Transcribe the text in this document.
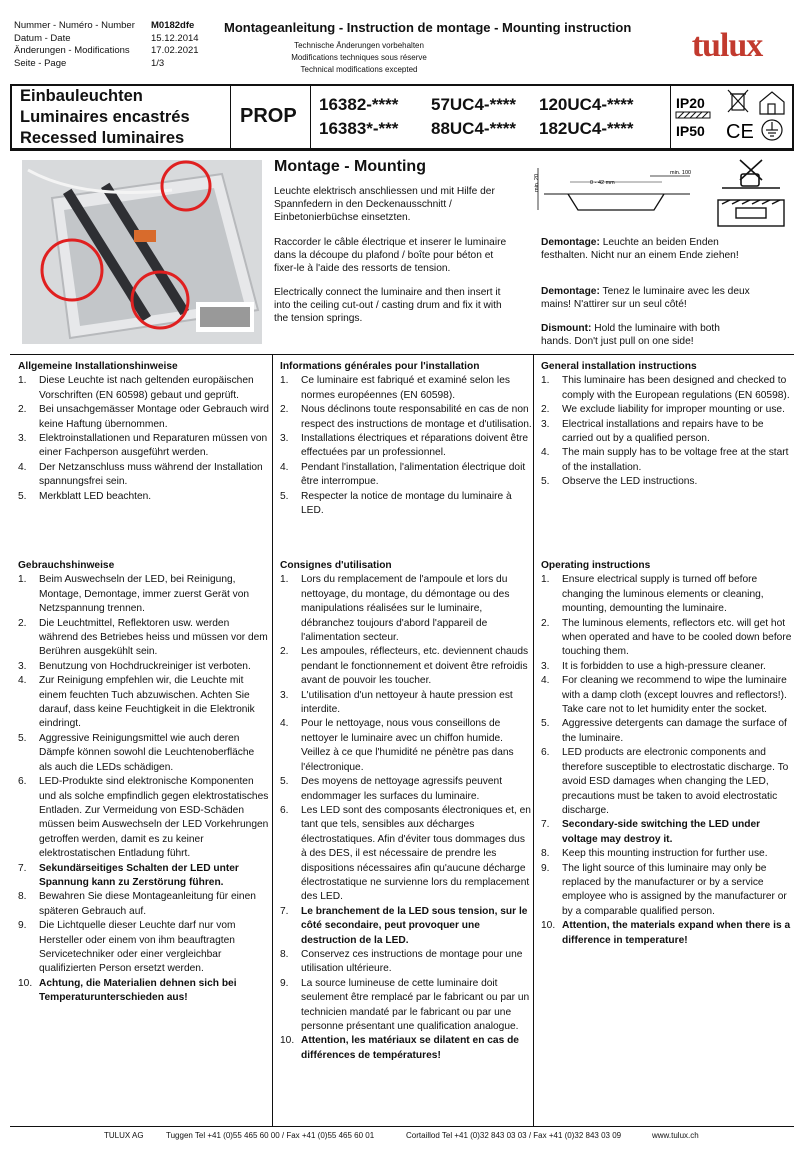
Nummer - Numéro - Number	M0182dfe
Datum - Date	15.12.2014
Änderungen - Modifications	17.02.2021
Seite - Page	1/3
Montageanleitung - Instruction de montage - Mounting instruction
Technische Änderungen vorbehalten
Modifications techniques sous réserve
Technical modifications excepted
tulux
Einbauleuchten
Luminaires encastrés
Recessed luminaires
PROP
16382-**** 57UC4-**** 120UC4-****
16383*-*** 88UC4-**** 182UC4-****
IP20
IP50 CE
Montage - Mounting
Leuchte elektrisch anschliessen und mit Hilfe der Spannfedern in den Deckenausschnitt / Einbetonierbüchse einsetzten.
Raccorder le câble électrique et inserer le luminaire dans la découpe du plafond / boîte pour béton et fixer-le à l'aide des ressorts de tension.
Electrically connect the luminaire and then insert it into the ceiling cut-out / casting drum and fix it with the tension springs.
min. 20	0 - 42 mm
min. 100
Demontage: Leuchte an beiden Enden festhalten. Nicht nur an einem Ende ziehen!
Demontage: Tenez le luminaire avec les deux mains! N'attirer sur un seul côté!
Dismount: Hold the luminaire with both hands. Don't just pull on one side!
Allgemeine Installationshinweise
1.	Diese Leuchte ist nach geltenden europäischen Vorschriften (EN 60598) gebaut und geprüft.
2.	Bei unsachgemässer Montage oder Gebrauch wird keine Haftung übernommen.
3.	Elektroinstallationen und Reparaturen müssen von einer Fachperson ausgeführt werden.
4.	Der Netzanschluss muss während der Installation spannungsfrei sein.
5.	Merkblatt LED beachten.
Gebrauchshinweise
1.	Beim Auswechseln der LED, bei Reinigung, Montage, Demontage, immer zuerst Gerät von Netzspannung trennen.
2.	Die Leuchtmittel, Reflektoren usw. werden während des Betriebes heiss und müssen vor dem Berühren ausgekühlt sein.
3.	Benutzung von Hochdruckreiniger ist verboten.
4.	Zur Reinigung empfehlen wir, die Leuchte mit einem feuchten Tuch abzuwischen. Achten Sie darauf, dass keine Feuchtigkeit in die Elektronik eindringt.
5.	Aggressive Reinigungsmittel wie auch deren Dämpfe können sowohl die Leuchtenoberfläche als auch die LEDs schädigen.
6.	LED-Produkte sind elektronische Komponenten und als solche empfindlich gegen elektrostatisches Entladen. Zur Vermeidung von ESD-Schäden müssen beim Auswechseln der LED Vorkehrungen getroffen werden, damit es zu keiner elektrostatischen Entladung führt.
7.	Sekundärseitiges Schalten der LED unter Spannung kann zu Zerstörung führen.
8.	Bewahren Sie diese Montageanleitung für einen späteren Gebrauch auf.
9.	Die Lichtquelle dieser Leuchte darf nur vom Hersteller oder einem von ihm beauftragten Servicetechniker oder einer vergleichbar qualifizierten Person ersetzt werden.
10. Achtung, die Materialien dehnen sich bei Temperaturunterschieden aus!
Informations générales pour l'installation
1.	Ce luminaire est fabriqué et examiné selon les normes européennes (EN 60598).
2.	Nous déclinons toute responsabilité en cas de non respect des instructions de montage et d'utilisation.
3.	Installations électriques et réparations doivent être effectuées par un professionnel.
4.	Pendant l'installation, l'alimentation électrique doit être interrompue.
5.	Respecter la notice de montage du luminaire à LED.
Consignes d'utilisation
1.	Lors du remplacement de l'ampoule et lors du nettoyage, du montage, du démontage ou des manipulations réalisées sur le luminaire, débranchez toujours d'abord l'appareil de l'alimentation secteur.
2.	Les ampoules, réflecteurs, etc. deviennent chauds pendant le fonctionnement et doivent être refroidis avant de pouvoir les toucher.
3.	L'utilisation d'un nettoyeur à haute pression est interdite.
4.	Pour le nettoyage, nous vous conseillons de nettoyer le luminaire avec un chiffon humide. Veillez à ce que l'humidité ne pénètre pas dans l'électronique.
5.	Des moyens de nettoyage agressifs peuvent endommager les surfaces du luminaire.
6.	Les LED sont des composants électroniques et, en tant que tels, sensibles aux décharges électrostatiques. Afin d'éviter tous dommages dus à des DES, il est nécessaire de prendre les dispositions nécessaires afin qu'aucune décharge électrostatique ne survienne lors du remplacement des LED.
7.	Le branchement de la LED sous tension, sur le côté secondaire, peut provoquer une destruction de la LED.
8.	Conservez ces instructions de montage pour une utilisation ultérieure.
9.	La source lumineuse de cette luminaire doit seulement être remplacé par le fabricant ou par un technicien mandaté par le fabricant ou par une personne présentant une qualification analogue.
10. Attention, les matériaux se dilatent en cas de différences de températures!
General installation instructions
1.	This luminaire has been designed and checked to comply with the European regulations (EN 60598).
2.	We exclude liability for improper mounting or use.
3.	Electrical installations and repairs have to be carried out by a qualified person.
4.	The main supply has to be voltage free at the start of the installation.
5.	Observe the LED instructions.
Operating instructions
1.	Ensure electrical supply is turned off before changing the luminous elements or cleaning, mounting, demounting the luminaire.
2.	The luminous elements, reflectors etc. will get hot when operated and have to be cooled down before touching them.
3.	It is forbidden to use a high-pressure cleaner.
4.	For cleaning we recommend to wipe the luminaire with a damp cloth (except louvres and reflectors!). Take care not to let humidity enter the socket.
5.	Aggressive detergents can damage the surface of the luminaire.
6.	LED products are electronic components and therefore susceptible to electrostatic discharge. To avoid ESD damages when changing the LED, precautions must be taken to avoid electrostatic discharge.
7.	Secondary-side switching the LED under voltage may destroy it.
8.	Keep this mounting instruction for further use.
9.	The light source of this luminaire may only be replaced by the manufacturer or by a service employee who is assigned by the manufacturer or by a comparable qualified person.
10. Attention, the materials expand when there is a difference in temperature!
TULUX AG	Tuggen Tel +41 (0)55 465 60 00 / Fax +41 (0)55 465 60 01	Cortaillod Tel +41 (0)32 843 03 03 / Fax +41 (0)32 843 03 09	www.tulux.ch
